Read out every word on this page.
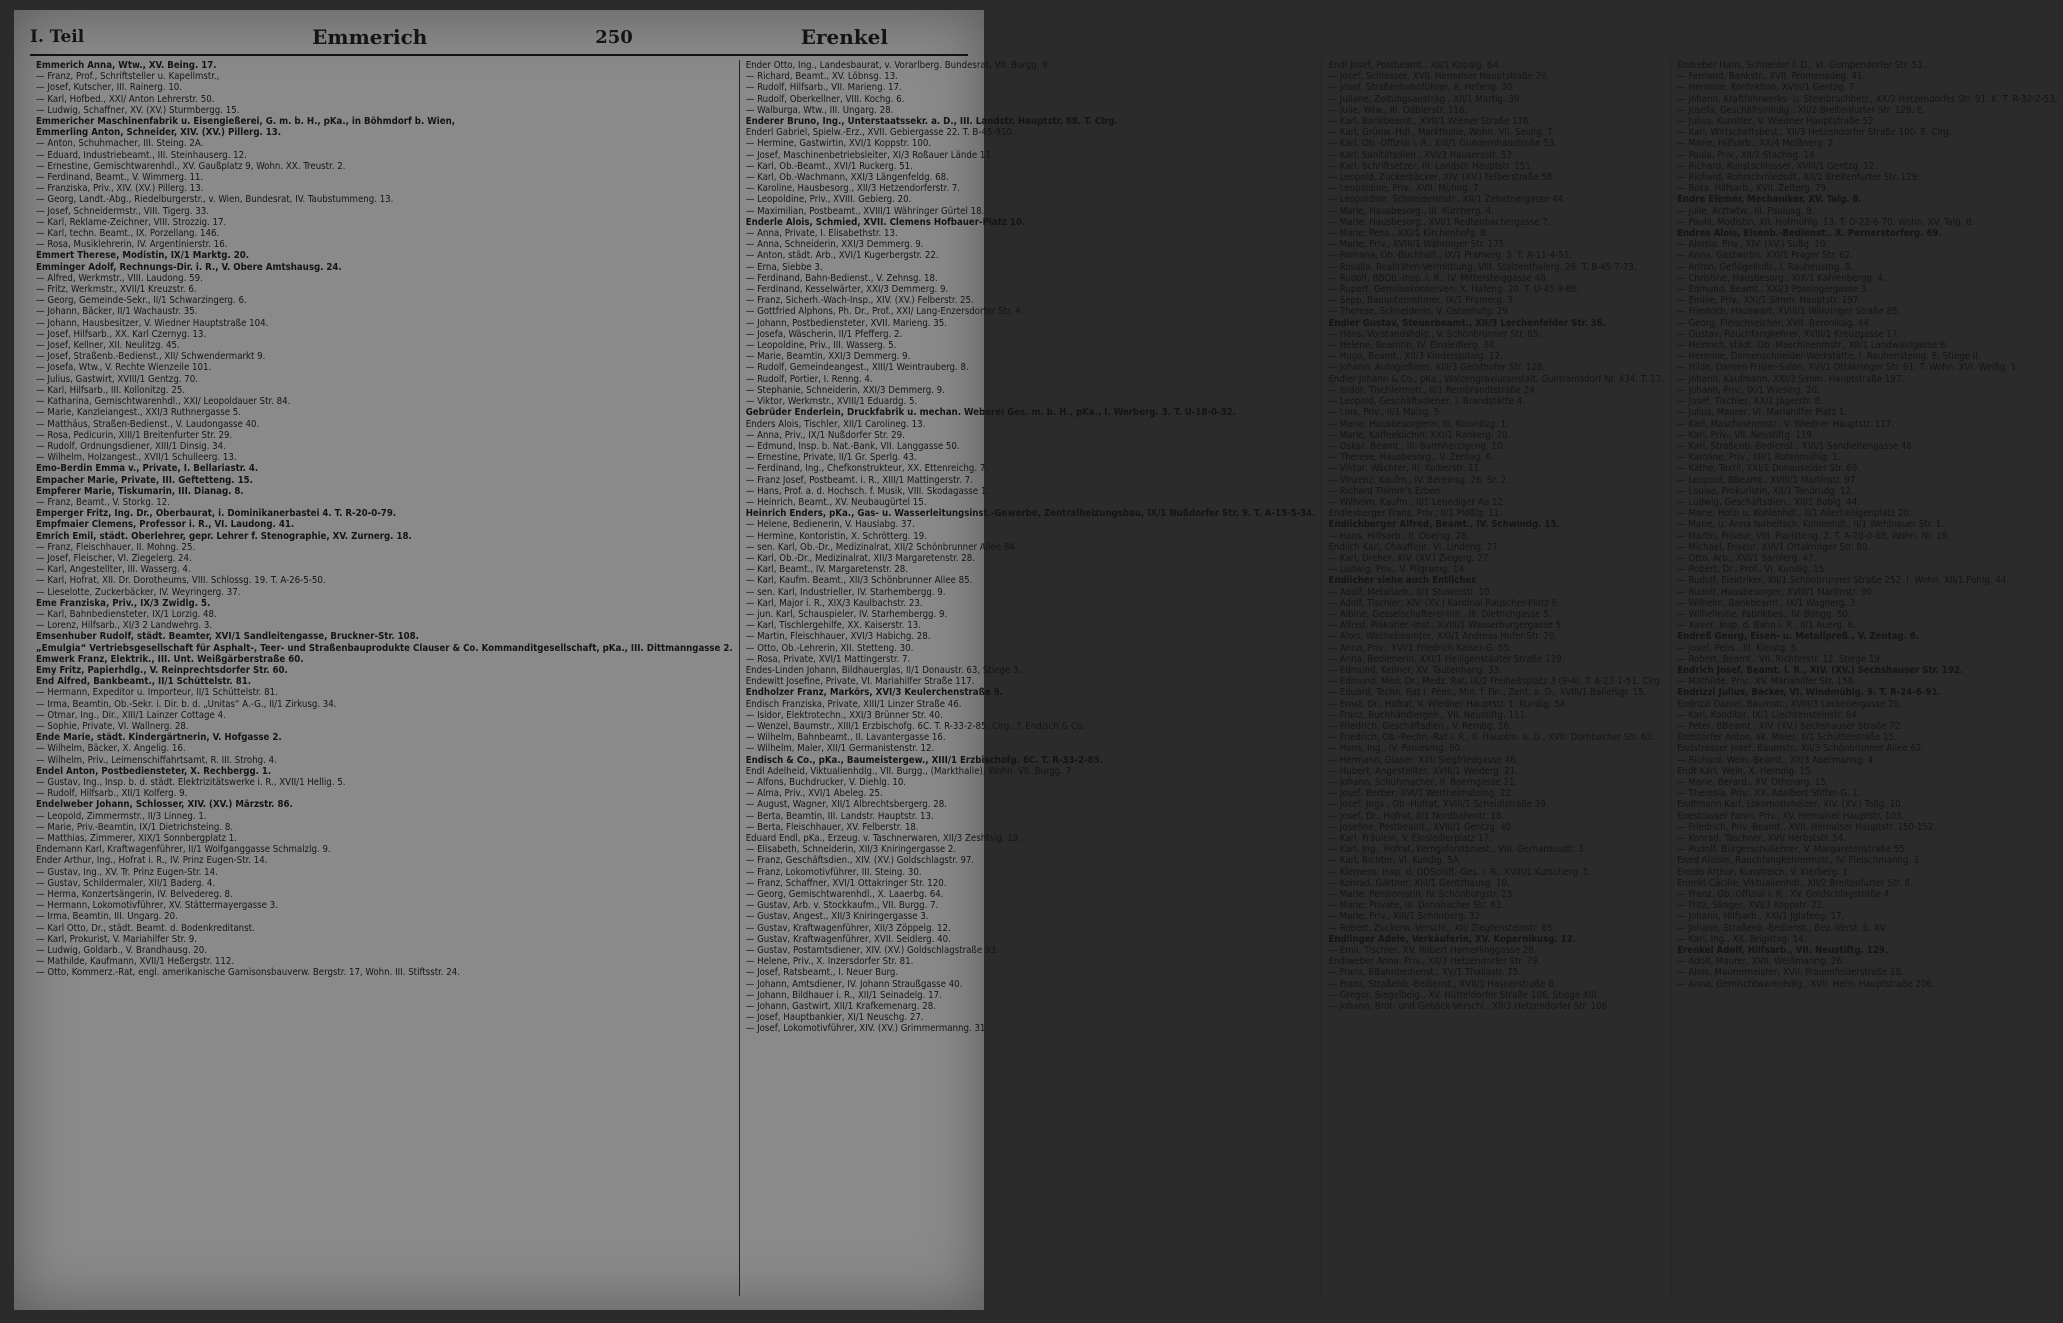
I. Teil	Emmerich	250	Erenkel
Emmerich Anna, Wtw., XV. Being. 17.
— Franz, Prof., Schriftsteller u. Kapellmstr.,
— Josef, Kutscher, III. Rainerg. 10.
— Karl, Hofbed., XXI/ Anton Lehrerstr. 50.
— Ludwig, Schaffner, XV. (XV.) Sturmbergg. 15.
Emmericher Maschinenfabrik u. Eisengießerei, G. m. b. H., pKa., in Böhmdorf b. Wien,
Emmerling Anton, Schneider, XIV. (XV.) Pillerg. 13.
— Anton, Schuhmacher, III. Steing. 2A.
— Eduard, Industriebeamt., III. Steinhauserg. 12.
— Ernestine, Gemischtwarenhdl., XV. Gaußplatz 9, Wohn. XX. Treustr. 2.
— Ferdinand, Beamt., V. Wimmerg. 11.
— Franziska, Priv., XIV. (XV.) Pillerg. 13.
— Georg, Landt.-Abg., Riedelburgerstr., v. Wien, Bundesrat, IV. Taubstummeng. 13.
— Josef, Schneidermstr., VIII. Tigerg. 33.
— Karl, Reklame-Zeichner, VIII. Strozzig. 17.
— Karl, techn. Beamt., IX. Porzellang. 146.
— Rosa, Musiklehrerin, IV. Argentinierstr. 16.
Emmert Therese, Modistin, IX/1 Marktg. 20.
Emminger Adolf, Rechnungs-Dir. i. R., V. Obere Amtshausg. 24.
— Alfred, Werkmstr., VIII. Laudong. 59.
— Fritz, Werkmstr., XVII/1 Kreuzstr. 6.
— Georg, Gemeinde-Sekr., II/1 Schwarzingerg. 6.
— Johann, Bäcker, II/1 Wachaustr. 35.
— Johann, Hausbesitzer, V. Wiedner Hauptstraße 104.
— Josef, Hilfsarb., XX. Karl Czernyg. 13.
— Josef, Kellner, XII. Neulitzg. 45.
— Josef, Straßenb.-Bedienst., XII/ Schwendermarkt 9.
— Josefa, Wtw., V. Rechte Wienzeile 101.
— Julius, Gastwirt, XVIII/1 Gentzg. 70.
— Karl, Hilfsarb., III. Kollonitzg. 25.
— Katharina, Gemischtwarenhdl., XXI/ Leopoldauer Str. 84.
— Marie, Kanzleiangest., XXI/3 Ruthnergasse 5.
— Matthäus, Straßen-Bedienst., V. Laudongasse 40.
— Rosa, Pedicurin, XIII/1 Breitenfurter Str. 29.
— Rudolf, Ordnungsdiener, XIII/1 Dinsig. 34.
— Wilhelm, Holzangest., XVII/1 Schulleerg. 13.
Emo-Berdin Emma v., Private, I. Bellariastr. 4.
Empacher Marie, Private, III. Geftetteng. 15.
Empferer Marie, Tiskumarin, III. Dianag. 8.
— Franz, Beamt., V. Storkg. 12.
Emperger Fritz, Ing. Dr., Oberbaurat, i. Dominikanerbastei 4. T. R-20-0-79.
Empfmaier Clemens, Professor i. R., VI. Laudong. 41.
Emrich Emil, städt. Oberlehrer, gepr. Lehrer f. Stenographie, XV. Zurnerg. 18.
— Franz, Fleischhauer, II. Mohng. 25.
— Josef, Fleischer, VI. Ziegelerg. 24.
— Karl, Angestellter, III. Wasserg. 4.
— Karl, Hofrat, XII. Dr. Dorotheums, VIII. Schlossg. 19. T. A-26-5-50.
— Lieselotte, Zuckerbäcker, IV. Weyringerg. 37.
Eme Franziska, Priv., IX/3 Zwidlg. 5.
— Karl, Bahnbediensteter, IX/1 Lorzig. 48.
— Lorenz, Hilfsarb., XI/3 2 Landwehrg. 3.
Emsenhuber Rudolf, städt. Beamter, XVI/1 Sandleitengasse, Bruckner-Str. 108.
„Emulgia“ Vertriebsgesellschaft für Asphalt-, Teer- und Straßenbauprodukte Clauser & Co. Kommanditgesellschaft, pKa., III. Dittmanngasse 2.
Emwerk Franz, Elektrik., III. Unt. Weißgärberstraße 60.
Emy Fritz, Papierhdlg., V. Reinprechtsdorfer Str. 60.
End Alfred, Bankbeamt., II/1 Schüttelstr. 81.
— Hermann, Expeditor u. Importeur, II/1 Schüttelstr. 81.
— Irma, Beamtin, Ob.-Sekr. i. Dir. b. d. „Unitas“ A.-G., II/1 Zirkusg. 34.
— Otmar, Ing., Dir., XIII/1 Lainzer Cottage 4.
— Sophie, Private, VI. Wallnerg. 28.
Ende Marie, städt. Kindergärtnerin, V. Hofgasse 2.
— Wilhelm, Bäcker, X. Angelig. 16.
— Wilhelm, Priv., Leimenschiffahrtsamt, R. III. Strohg. 4.
Endel Anton, Postbediensteter, X. Rechbergg. 1.
— Gustav, Ing., Insp. b. d. städt. Elektrizitätswerke i. R., XVII/1 Hellig. 5.
— Rudolf, Hilfsarb., XII/1 Kolferg. 9.
Endelweber Johann, Schlosser, XIV. (XV.) Märzstr. 86.
— Leopold, Zimmermstr., II/3 Linneg. 1.
— Marie, Priv.-Beamtin, IX/1 Dietrichsteing. 8.
— Matthias, Zimmerer, XIX/1 Sonnbergplatz 1.
Endemann Karl, Kraftwagenführer, II/1 Wolfganggasse Schmalzlg. 9.
Ender Arthur, Ing., Hofrat i. R., IV. Prinz Eugen-Str. 14.
— Gustav, Ing., XV. Tr. Prinz Eugen-Str. 14.
— Gustav, Schildermaler, XII/1 Baderg. 4.
— Herma, Konzertsängerin, IV. Belvedereg. 8.
— Hermann, Lokomotivführer, XV. Stättermayergasse 3.
— Irma, Beamtin, III. Ungarg. 20.
— Karl Otto, Dr., städt. Beamt. d. Bodenkreditanst.
— Karl, Prokurist, V. Mariahilfer Str. 9.
— Ludwig, Goldarb., V. Brandhausg. 20.
— Mathilde, Kaufmann, XVII/1 Heßergstr. 112.
— Otto, Kommerz.-Rat, engl. amerikanische Garnisonsbauverw. Bergstr. 17, Wohn. III. Stiftsstr. 24.
Ender Otto, Ing., Landesbaurat, v. Vorarlberg. Bundesrat, VII. Burgg. 9.
— Richard, Beamt., XV. Löbnsg. 13.
— Rudolf, Hilfsarb., VII. Marieng. 17.
— Rudolf, Oberkellner, VIII. Kochg. 6.
— Walburga, Wtw., III. Ungarg. 28.
Enderer Bruno, Ing., Unterstaatssekr. a. D., III. Landstr. Hauptstr. 88. T. Clrg.
Enderl Gabriel, Spielw.-Erz., XVII. Gebiergasse 22. T. B-45-910.
— Hermine, Gastwirtin, XVI/1 Koppstr. 100.
— Josef, Maschinenbetriebsleiter, XI/3 Roßauer Lände 11.
— Karl, Ob.-Beamt., XVI/1 Ruckerg. 51.
— Karl, Ob.-Wachmann, XXI/3 Längenfeldg. 68.
— Karoline, Hausbesorg., XII/3 Hetzendorferstr. 7.
— Leopoldine, Priv., XVIII. Gebierg. 20.
— Maximilian, Postbeamt., XVIII/1 Währinger Gürtel 18.
Enderle Alois, Schmied, XVII. Clemens Hofbauer-Platz 10.
— Anna, Private, I. Elisabethstr. 13.
— Anna, Schneiderin, XXI/3 Demmerg. 9.
— Anton, städt. Arb., XVI/1 Kugerbergstr. 22.
— Erna, Siebbe 3.
— Ferdinand, Bahn-Bedienst., V. Zehnsg. 18.
— Ferdinand, Kesselwärter, XXI/3 Demmerg. 9.
— Franz, Sicherh.-Wach-Insp., XIV. (XV.) Felberstr. 25.
— Gottfried Alphons, Ph. Dr., Prof., XXI/ Lang-Enzersdorfer Str. 4.
— Johann, Postbediensteter, XVII. Marieng. 35.
— Josefa, Wäscherin, II/1 Pfefferg. 2.
— Leopoldine, Priv., III. Wasserg. 5.
— Marie, Beamtin, XXI/3 Demmerg. 9.
— Rudolf, Gemeindeangest., XIII/1 Weintrauberg. 8.
— Rudolf, Portier, I. Renng. 4.
— Stephanie, Schneiderin, XXI/3 Demmerg. 9.
— Viktor, Werkmstr., XVIII/1 Eduardg. 5.
Gebrüder Enderlein, Druckfabrik u. mechan. Weberei Ges. m. b. H., pKa., I. Werberg. 3. T. U-18-0-32.
Enders Alois, Tischler, XII/1 Carolineg. 13.
— Anna, Priv., IX/1 Nußdorfer Str. 29.
— Edmund, Insp. b. Nat.-Bank, VII. Langgasse 50.
— Ernestine, Private, II/1 Gr. Sperlg. 43.
— Ferdinand, Ing., Chefkonstrukteur, XX. Ettenreichg. 7.
— Franz Josef, Postbeamt. i. R., XIII/1 Mattingerstr. 7.
— Hans, Prof. a. d. Hochsch. f. Musik, VIII. Skodagasse 1.
— Heinrich, Beamt., XV. Neubaugürtel 15.
Heinrich Enders, pKa., Gas- u. Wasserleitungsinst.-Gewerbe, Zentralheizungsbau, IX/1 Nußdorfer Str. 9. T. A-15-5-34.
— Helene, Bedienerin, V. Hauslabg. 37.
— Hermine, Kontoristin, X. Schrötterg. 19.
— sen. Karl, Ob.-Dr., Medizinalrat, XII/2 Schönbrunner Allee 84.
— Karl, Ob.-Dr., Medizinalrat, XII/3 Margaretenstr. 28.
— Karl, Beamt., IV. Margaretenstr. 28.
— Karl, Kaufm. Beamt., XII/3 Schönbrunner Allee 85.
— sen. Karl, Industrieller, IV. Starhembergg. 9.
— Karl, Major i. R., XIX/3 Kaulbachstr. 23.
— jun. Karl, Schauspieler, IV. Starhembergg. 9.
— Karl, Tischlergehilfe, XX. Kaiserstr. 13.
— Martin, Fleischhauer, XVI/3 Habichg. 28.
— Otto, Ob.-Lehrerin, XII. Stetteng. 30.
— Rosa, Private, XVI/1 Mattingerstr. 7.
Endes-Linden Johann, Bildhauerglas, II/1 Donaustr. 63, Stiege 3.
Endewitt Josefine, Private, VI. Mariahilfer Straße 117.
Endholzer Franz, Markörs, XVI/3 Keulerchenstraße 9.
Endisch Franziska, Private, XIII/1 Linzer Straße 46.
— Isidor, Elektrotechn., XXI/3 Brünner Str. 40.
— Wenzel, Baumstr., XIII/1 Erzbischofg. 6C. T. R-33-2-85, Clrg., f. Endisch & Co.
— Wilhelm, Bahnbeamt., II. Lavantergasse 16.
— Wilhelm, Maler, XII/1 Germanistenstr. 12.
Endisch & Co., pKa., Baumeistergew., XIII/1 Erzbischofg. 6C. T. R-33-2-85.
Endl Adelheid, Viktualienhdlg., VII. Burgg., (Markthalle), Wohn. VII. Burgg. 7.
— Alfons, Buchdrucker, V. Diehlg. 10.
— Alma, Priv., XVI/1 Abeleg. 25.
— August, Wagner, XII/1 Albrechtsbergerg. 28.
— Berta, Beamtin, III. Landstr. Hauptstr. 13.
— Berta, Fleischhauer, XV. Felberstr. 18.
Eduard Endl, pKa., Erzeug. v. Taschnerwaren, XII/3 Zeshtsig. 19.
— Elisabeth, Schneiderin, XII/3 Kniringergasse 2.
— Franz, Geschäftsdien., XIV. (XV.) Goldschlagstr. 97.
— Franz, Lokomotivführer, III. Steing. 30.
— Franz, Schaffner, XVI/1 Ottakringer Str. 120.
— Georg, Gemischtwarenhdl., X. Laaerbg. 64.
— Gustav, Arb. v. Stockkaufm., VII. Burgg. 7.
— Gustav, Angest., XII/3 Kniringergasse 3.
— Gustav, Kraftwagenführer, XII/3 Zöppelg. 12.
— Gustav, Kraftwagenführer, XVII. Seidlerg. 40.
— Gustav, Postamtsdiener, XIV. (XV.) Goldschlagstraße 93.
— Helene, Priv., X. Inzersdorfer Str. 81.
— Josef, Ratsbeamt., I. Neuer Burg.
— Johann, Amtsdiener, IV. Johann Straußgasse 40.
— Johann, Bildhauer i. R., XII/1 Seinadelg. 17.
— Johann, Gastwirt, XII/1 Krafkemenarg. 28.
— Josef, Hauptbankier, XI/1 Neuschg. 27.
— Josef, Lokomotivführer, XIV. (XV.) Grimmermanng. 31.
Endl Josef, Postbeamt., XII/1 Kopalg. 64.
— Josef, Schlosser, XVII. Hernalser Hauptstraße 20.
— Josef, Straßenbahnführer, X. Hefeng. 30.
— Juliane, Zeitungsausträg., XII/1 Martig. 39.
— Julie, Wtw., III. Odbierstr. 116.
— Karl, Bankbeamt., XVII/1 Wiener Straße 176.
— Karl, Grünw.-Hdl., Markthalle, Wohn. VII. Seidlg. 7.
— Karl, Ob.-Offizial i. R., XIII/1 Gundernhaustraße 53.
— Karl, Sanitätsdien., XVI/3 Hausersstr. 53.
— Karl, Schriftsetzer, III. Landstr. Hauptstr. 151.
— Leopold, Zuckerbäcker, XIV. (XV.) Felberstraße 58.
— Leopoldine, Priv., XVII. Mühng. 7.
— Leopoldine, Schneidermstr., XII/1 Zehetnergasse 44.
— Marie, Hausbesorg., III. Kürcherg. 4.
— Marie, Hausbesorg., XVI/1 Redtenbachergasse 7.
— Marie, Pens., XXI/1 Kirchenhofg. 8.
— Marie, Priv., XVIII/1 Währinger Str. 175.
— Romana, Ob.-Buchhalt., IX/1 Pramerg. 3. T. A-11-4-51.
— Rosalia, Realitäten-Vermittlung, VIII. Stolzenthalerg. 26. T. B-45-7-73.
— Rudolf, BBOb.-Insp. i. R., IV. Mittersteiggasse 48.
— Rupert, Gemüsekonserven, X. Hafeng. 20. T. U-45-9-86.
— Sepp, Bauunternehmer, IX/1 Pramerg. 3.
— Therese, Schneiderin, V. Ostenhofg. 29.
Endler Gustav, Steuerbeamt., XII/3 Lerchenfelder Str. 36.
— Hans, Vorstandshdlg., V. Schönbrunner Str. 85.
— Helene, Beamtin, IV. Einsiedlerg. 34.
— Hugo, Beamt., XII/3 Kinderspitalg. 12.
— Johann, Autogießerei, XIII/3 Gersthofer Str. 128.
Endler Johann & Co., pKa., Walzengraviuranstalt, Guntramsdorf Nr. 434. T. 17.
— Isidor, Tischlermstr., II/1 Rembrandtstraße 24.
— Leopold, Geschäftsdiener, I. Brandstätte 4.
— Lina, Priv., II/1 Malzg. 5.
— Marie, Hausbesorgerin, III. Kolonitzg. 1.
— Marie, Kaffeeköchin, XXI/1 Rankerg. 20.
— Oskar, Beamt., III. Barmherzigeng. 10.
— Therese, Hausbesorg., V. Zentag. 6.
— Viktor, Wächter, III. Kolberstr. 11.
— Vinzenz, Kaufm., IV. Bereinsg. 26. Sr. 2.
— Richard Thimm's Erben.
— Wilhelm, Kaufm., II/1 Lenediger Au 12.
Endlesberger Franz, Priv., II/1 Plößlg. 11.
Endlichberger Alfred, Beamt., IV. Schwindg. 15.
— Hans, Hilfsarb., II. Obersg. 28.
Endlich Karl, Chauffeur, VI. Lindeng. 27.
— Karl, Dreher, XIV. (XV.) Ziegerg. 27.
— Ludwig, Priv., V. Pilgramg. 14.
Endlicher siehe auch Entlicher.
— Adolf, Metallarb., II/1 Stuwerstr. 10.
— Adolf, Tischler, XIV. (XV.) Kardinal Rauscher-Platz 6.
— Albine, Gesselschafterei-Inh., III. Dietrichgasse 5.
— Alfred, Plakatier.-Inst., XVIII/1 Wasserburgergasse 5.
— Alois, Wachebeamter, XXI/1 Andreas Hofer-Str. 20.
— Anna, Priv., XVI/1 Friedrich Kaiser-G. 55.
— Anna, Bedienerin, XXI/1 Heiligenstädter Straße 129.
— Edmund, Kellner, XV. Tautenhang. 33.
— Edmund, Med. Dr., Medz. Rat, IX/2 Freiheitsplatz 3 (9-4). T. A-23-1-51. Clrg.
— Eduard, Techn. Rat i. Pens., Min. f. Fin., Zent. a. D., XVIII/1 Ballefsgr. 15.
— Ernst, Dr., Hofrat, V. Wiedner Hauptstr. 1. Kundig. 5A.
— Franz, Buchhändlergeh., VII. Neustiftg. 111.
— Friedrich, Geschäftsdien., V. Rembg. 16.
— Friedrich, Ob.-Rechn.-Rat i. R., II. Hauptm. a. D., XVII. Dornbacher Str. 63.
— Hans, Ing., IV. Paniesrng. 60.
— Hermann, Glaser, XXI/ Siegfriedgasse 48.
— Hubert, Angestellter, XVIII/1 Weiderg. 21.
— Johann, Schuhmacher, II. Boerngasse 21.
— Josef, Berber, XVI/1 Wertheimsteing. 22.
— Josef, Jngs., Ob.-Hofrat, XVIII/1 Scheidlstraße 39.
— Josef, Dr., Hofrat, II/1 Nordbahnstr. 18.
— Josefine, Postbeamt., XVIII/1 Gentzg. 40.
— Karl, Fräulein, V. Einsiedlerplatz 17.
— Karl, Jng., Hofrat, Kerngsforstbriest., VIII. Gerhardusstr. 3.
— Karl, Richter, VI. Kundig. 5A.
— Klemens, Insp. d. DDSchiff.-Ges. i. R., XVIII/1 Kutscherg. 1.
— Konrad, Gärtner, XIII/1 Gentzhausg. 10.
— Marie, Pensionistin, IV. Schönburgstr. 23.
— Marie, Private, III. Donabacher Str. 63.
— Marie, Priv., XIII/1 Schönberg. 32.
— Robert, Zuckerw.-Verschl., XII/ Ziegtensteinstr. 65.
Endlinger Adele, Verkäuferin, XV. Kopernikusg. 12.
— Emil, Tischler, XV. Robert Hamerlinggasse 28.
Endlweber Anna, Priv., XII/3 Hetzendorfer Str. 79.
— Franz, BBahnbedienst., XV/1 Thaliastr. 75.
— Franz, Straßenb.-Bedienst., XVII/1 Hasnerstraße 8.
— Gregor, Siegelbeig., XV. Hütteldorfer Straße 106, Stiege XIII.
— Johann, Brot- und Gebäck-Verschl., XII/3 Hetzendorfer Str. 106.
Endreber Hans, Schneider f. D., VI. Gumpendorfer Str. 51.
— Fernand, Bankstr., XVII. Promenadeg. 41.
— Hermine, Konfektion, XVIII/1 Gentzg. 7.
— Johann, Kraftfahrwerks- u. Steinbruchbetr., XX/2 Hetzendorfer Str. 91. K. T. R-32-2-53.
— Josefa, Geschäftsinhdlg., XII/2 Breitenfurter Str. 129. E.
— Julius, Kunstler, V. Wiedner Hauptstraße 52.
— Karl, Wirtschaftsbest., XII/3 Hetzendorfer Straße 100. E. Clrg.
— Marie, Hilfsarb., XX/4 Meißnerg. 2.
— Paula, Priv., XII/2 Stachog. 14.
— Richard, Kunstschlosser, XVIII/1 Gentzg. 12.
— Richard, Rohrschmiedsdf., XII/2 Breitenfurter Str. 129.
— Rosa, Hilfsarb., XVII. Zelterg. 79.
Endre Elemér, Mechaniker, XV. Talg. 8.
— Julie, Arztwtw., III. Paulusg. 8.
— Paula, Modistin, XII. Hofmühlg. 13. T. D-22-6-70, Wohn. XV. Talg. 8.
Endres Alois, Eisenb.-Bedienst., X. Pernerstorferg. 69.
— Aloisia, Priv., XIV. (XV.) Sußg. 10.
— Anna, Gastwirtin, XXI/1 Prager Str. 62.
— Anton, Geflügelhdlr., I. Rauheustng. 8.
— Christine, Hausbesorg., XIX/1 Kahlenbergg. 4.
— Edmund, Beamt., XXI/3 Possingergasse 3.
— Emilie, Priv., XXI/1 Simm. Hauptstr. 197.
— Friedrich, Hauswart, XVIII/1 Währinger Straße 85.
— Georg, Fleischselcher, XVII. Beronikag. 44.
— Gustav, Rauchfangkehrer, XVIII/1 Kreuzgasse 17.
— Heinrich, städt. Ob.-Maschinenmstr., XII/1 Landwaldgasse 8.
— Hermine, Damenschneider-Werkstätte, I. Rauhensteing. 8, Stiege II.
— Hilde, Damen-Frisier-Salon, XVI/1 Ottakringer Str. 61. T. Wohn. XVI. Weißg. 1.
— Johann, Kaufmann, XXI/3 Simm. Hauptstraße 197.
— Johann, Priv., IX/1 Wiesing. 20.
— Josef, Tischler, XX/1 Jägerstr. 8.
— Julius, Maurer, VI. Mariahilfer Platz 1.
— Karl, Maschinenmstr., V. Wiedner Hauptstr. 117.
— Karl, Priv., VII. Neustiftg. 119.
— Karl, Straßenb.-Bedienst., XVI/1 Sandleitengasse 48.
— Karoline, Priv., XII/1 Rotenmühlg. 1.
— Käthe, Textil, XXI/1 Donauselder Str. 69.
— Leopold, BBeamt., XVIII/1 Martinstr. 97.
— Louise, Prokuristin, XII/1 Tandrudg. 12.
— Ludwig, Geschäftsdien., XII/1 Bobig. 44.
— Marie, Holz- u. Kohlenhdl., II/1 Allerheiligenplatz 20.
— Marie, u. Anna Isabeltsch, Kohlenhdl., II/1 Wehlnauer Str. 1.
— Martin, Friseur, VIII. Piaristeng. 2. T. A-20-0-68, Wohn. Nr. 19.
— Michael, Friseur, XVI/1 Ottakringer Str. 80.
— Otto, Arb., XVI/1 Samlerg. 47.
— Robert, Dr., Prof., VI. Kundig. 15.
— Rudolf, Elektriker, XII/1 Schönbrunner Straße 252. I. Wohn. XII/1 Pohlg. 44.
— Rudolf, Hausbesorger, XVIII/1 Martinstr. 90.
— Wilhelm, Bankbeamt., IX/1 Wagnerg. 3.
— Wilhelmine, Fabrikbes., IV. Bongg. 50.
— Xaver, Insp. d. Bahn i. R., II/1 Auerg. 6.
Endreß Georg, Eisen- u. Metallpreß., V. Zentag. 6.
— Josef, Pens., III. Kleistg. 5.
— Robert, Beamt., VII. Richterstr. 12. Stiege 19.
Endrich Josef, Beamt. i. R., XIV. (XV.) Sechshauser Str. 192.
— Mathilde, Priv., XV. Mariahilfer Str. 158.
Endrizzi Julius, Bäcker, VI. Windmühlg. 9. T. R-24-6-91.
Endrizzi Daniel, Baumstr., XVIII/3 Lackenergasse 20.
— Karl, Konditor, IX/1 Liechtensteinstr. 84.
— Peter, BBeamt., XIV. (XV.) Sechshauser Straße 72.
Endstorfer Anton, ak. Maler, II/1 Schüttelstraße 15.
Endstrasser Josef, Baumstr., XII/3 Schönbrunner Allee 62.
— Richard, Wein.-Beamt., XII/3 Abermanng. 4.
Endt Karl, Wein, X. Herndlg. 15.
— Marie, Berard., XV. Othmarg. 15.
— Theresia, Priv., XX. Adalbert Stifter-G. 1.
Endtmann Karl, Lokomotivheizer, XIV. (XV.) Toßg. 10.
Enestrasser Fanni, Priv., XV. Hernalser Hauptstr. 103.
— Friedrich, Priv.-Beamt., XVII. Hernalser Hauptstr. 150-152.
— Konrad, Taschner, XVI/ Herbststr. 54.
— Rudolf, Bürgerschullehrer, V. Margaretenstraße 55.
Ened Aloisie, Rauchfangkehrermstr., IV. Fleischmanng. 1.
Enedo Arthur, Kunstreich, V. Kierberg. 1.
Enenkl Cäcilie, Viktualienhdl., XII/2 Breitenfurter Str. 8.
— Franz, Ob.-Offizial i. R., XV. Goldschlagstraße 4.
— Fritz, Sänger, XVI/3 Koppstr. 22.
— Johann, Hilfsarb., XXI/1 Jglafeeg. 17.
— Johann, Straßenb.-Bedienst., Bez.-Verst. b. XV.
— Karl, Ing., XX. Brigittag. 14.
Erenkel Adolf, Hilfsarb., VII. Neustiftg. 129.
— Adolf, Maurer, XVII. Weißmanng. 26.
— Alois, Maurermeister, XVII. Frauenfelderstraße 18.
— Anna, Gemischtwarenhdlg., XVII. Hern. Hauptstraße 206.
